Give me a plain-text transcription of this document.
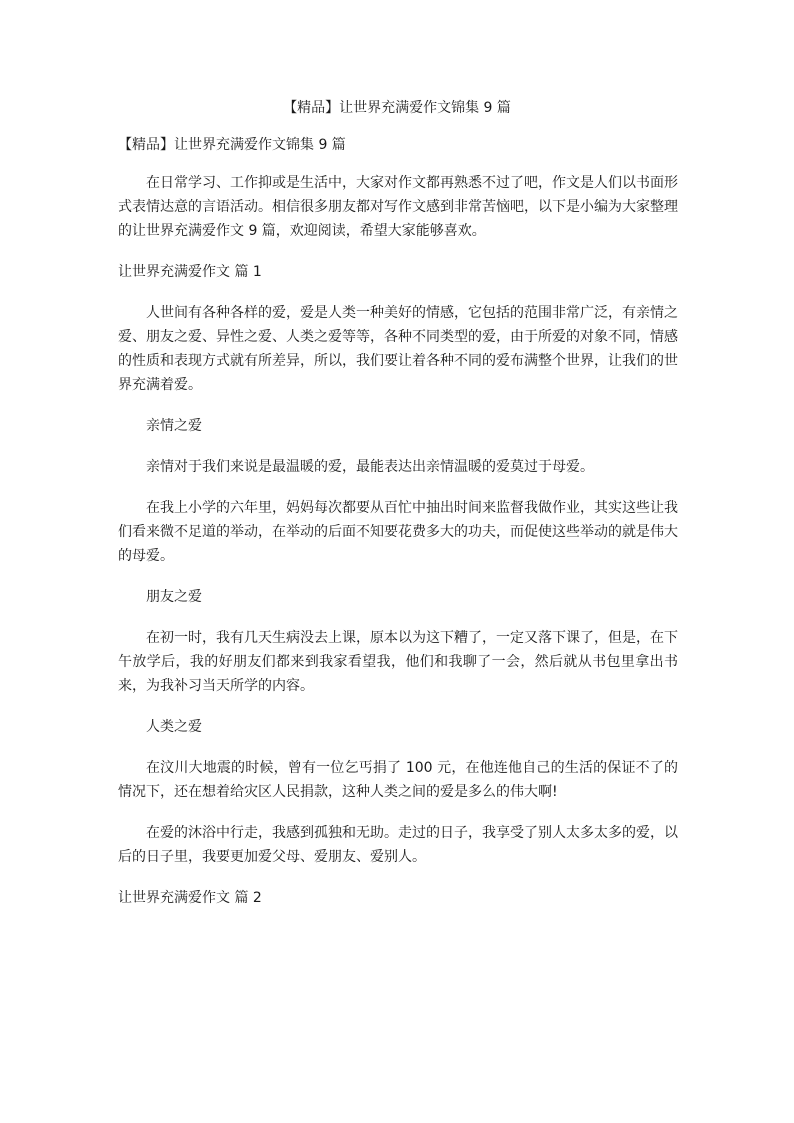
【精品】让世界充满爱作文锦集 9 篇

【精品】让世界充满爱作文锦集 9 篇

在日常学习、工作抑或是生活中，大家对作文都再熟悉不过了吧，作文是人们以书面形式表情达意的言语活动。相信很多朋友都对写作文感到非常苦恼吧，以下是小编为大家整理的让世界充满爱作文 9 篇，欢迎阅读，希望大家能够喜欢。

让世界充满爱作文 篇 1

人世间有各种各样的爱，爱是人类一种美好的情感，它包括的范围非常广泛，有亲情之爱、朋友之爱、异性之爱、人类之爱等等，各种不同类型的爱，由于所爱的对象不同，情感的性质和表现方式就有所差异，所以，我们要让着各种不同的爱布满整个世界，让我们的世界充满着爱。

亲情之爱

亲情对于我们来说是最温暖的爱，最能表达出亲情温暖的爱莫过于母爱。

在我上小学的六年里，妈妈每次都要从百忙中抽出时间来监督我做作业，其实这些让我们看来微不足道的举动，在举动的后面不知要花费多大的功夫，而促使这些举动的就是伟大的母爱。

朋友之爱

在初一时，我有几天生病没去上课，原本以为这下糟了，一定又落下课了，但是，在下午放学后，我的好朋友们都来到我家看望我，他们和我聊了一会，然后就从书包里拿出书来，为我补习当天所学的内容。

人类之爱

在汶川大地震的时候，曾有一位乞丐捐了 100 元，在他连他自己的生活的保证不了的情况下，还在想着给灾区人民捐款，这种人类之间的爱是多么的伟大啊!

在爱的沐浴中行走，我感到孤独和无助。走过的日子，我享受了别人太多太多的爱，以后的日子里，我要更加爱父母、爱朋友、爱别人。

让世界充满爱作文 篇 2
